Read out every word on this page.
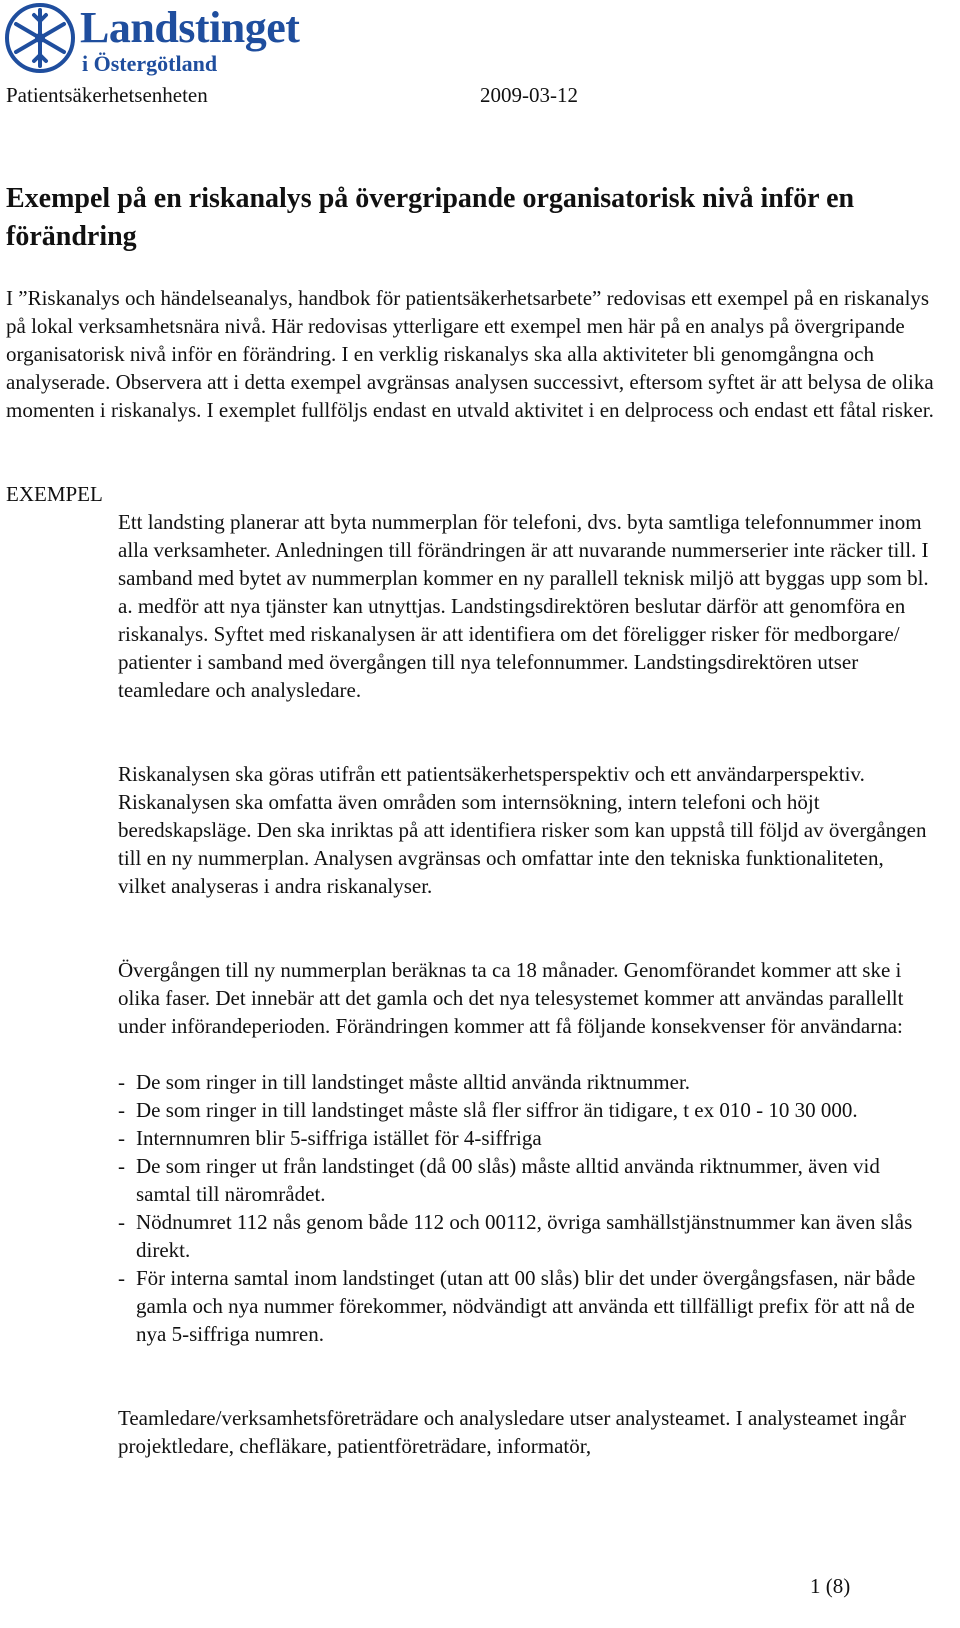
Landstinget
i Östergötland
Patientsäkerhetsenheten	2009-03-12
Exempel på en riskanalys på övergripande organisatorisk nivå inför en förändring

I ”Riskanalys och händelseanalys, handbok för patientsäkerhetsarbete” redovisas ett exempel på en riskanalys på lokal verksamhetsnära nivå. Här redovisas ytterligare ett exempel men här på en analys på övergripande organisatorisk nivå inför en förändring. I en verklig riskanalys ska alla aktiviteter bli genomgångna och analyserade. Observera att i detta exempel avgränsas analysen successivt, eftersom syftet är att belysa de olika momenten i riskanalys. I exemplet fullföljs endast en utvald aktivitet i en delprocess och endast ett fåtal risker.

EXEMPEL

Ett landsting planerar att byta nummerplan för telefoni, dvs. byta samtliga telefonnummer inom alla verksamheter. Anledningen till förändringen är att nuvarande nummerserier inte räcker till. I samband med bytet av nummerplan kommer en ny parallell teknisk miljö att byggas upp som bl. a. medför att nya tjänster kan utnyttjas. Landstingsdirektören beslutar därför att genomföra en riskanalys. Syftet med riskanalysen är att identifiera om det föreligger risker för medborgare/ patienter i samband med övergången till nya telefonnummer. Landstingsdirektören utser teamledare och analysledare.

Riskanalysen ska göras utifrån ett patientsäkerhetsperspektiv och ett användarperspektiv. Riskanalysen ska omfatta även områden som internsökning, intern telefoni och höjt beredskapsläge. Den ska inriktas på att identifiera risker som kan uppstå till följd av övergången till en ny nummerplan. Analysen avgränsas och omfattar inte den tekniska funktionaliteten, vilket analyseras i andra riskanalyser.

Övergången till ny nummerplan beräknas ta ca 18 månader. Genomförandet kommer att ske i olika faser. Det innebär att det gamla och det nya telesystemet kommer att användas parallellt under införandeperioden. Förändringen kommer att få följande konsekvenser för användarna:

- De som ringer in till landstinget måste alltid använda riktnummer.
- De som ringer in till landstinget måste slå fler siffror än tidigare, t ex 010 - 10 30 000.
- Internnumren blir 5-siffriga istället för 4-siffriga
- De som ringer ut från landstinget (då 00 slås) måste alltid använda riktnummer, även vid samtal till närområdet.
- Nödnumret 112 nås genom både 112 och 00112, övriga samhällstjänstnummer kan även slås direkt.
- För interna samtal inom landstinget (utan att 00 slås) blir det under övergångsfasen, när både gamla och nya nummer förekommer, nödvändigt att använda ett tillfälligt prefix för att nå de nya 5-siffriga numren.

Teamledare/verksamhetsföreträdare och analysledare utser analysteamet. I analysteamet ingår projektledare, chefläkare, patientföreträdare, informatör,

1 (8)
